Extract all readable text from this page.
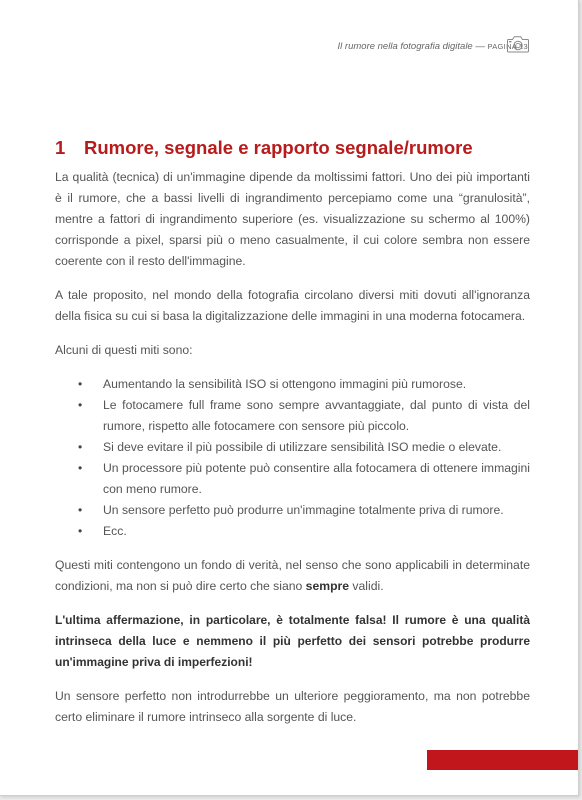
Il rumore nella fotografia digitale — PAGINA 13
1 Rumore, segnale e rapporto segnale/rumore

La qualità (tecnica) di un'immagine dipende da moltissimi fattori. Uno dei più importanti è il rumore, che a bassi livelli di ingrandimento percepiamo come una “granulosità”, mentre a fattori di ingrandimento superiore (es. visualizzazione su schermo al 100%) corrisponde a pixel, sparsi più o meno casualmente, il cui colore sembra non essere coerente con il resto dell'immagine.

A tale proposito, nel mondo della fotografia circolano diversi miti dovuti all'ignoranza della fisica su cui si basa la digitalizzazione delle immagini in una moderna fotocamera.

Alcuni di questi miti sono:

• Aumentando la sensibilità ISO si ottengono immagini più rumorose.
• Le fotocamere full frame sono sempre avvantaggiate, dal punto di vista del rumore, rispetto alle fotocamere con sensore più piccolo.
• Si deve evitare il più possibile di utilizzare sensibilità ISO medie o elevate.
• Un processore più potente può consentire alla fotocamera di ottenere immagini con meno rumore.
• Un sensore perfetto può produrre un'immagine totalmente priva di rumore.
• Ecc.

Questi miti contengono un fondo di verità, nel senso che sono applicabili in determinate condizioni, ma non si può dire certo che siano sempre validi.

L'ultima affermazione, in particolare, è totalmente falsa! Il rumore è una qualità intrinseca della luce e nemmeno il più perfetto dei sensori potrebbe produrre un'immagine priva di imperfezioni!

Un sensore perfetto non introdurrebbe un ulteriore peggioramento, ma non potrebbe certo eliminare il rumore intrinseco alla sorgente di luce.
